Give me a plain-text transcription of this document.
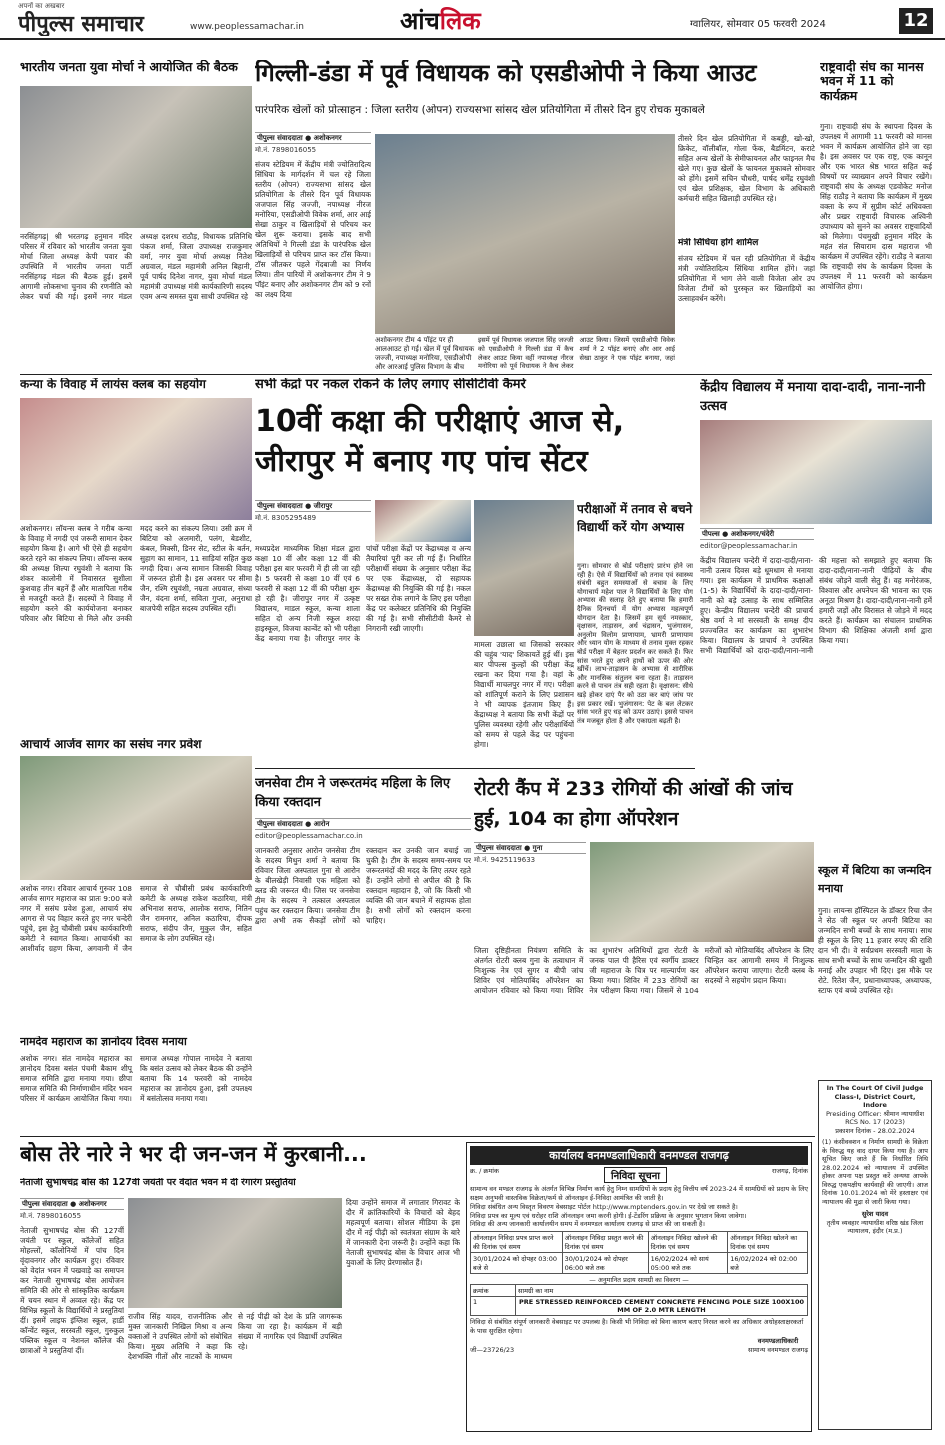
पीपुल्स समाचार
अपनों का अखबार
www.peoplessamachar.in	आंचलिक	ग्वालियर, सोमवार 05 फरवरी 2024	12
भारतीय जनता युवा मोर्चा ने आयोजित की बैठक
नरसिंहगढ़| श्री भरतगढ़ हनुमान मंदिर परिसर में रविवार को भारतीय जनता युवा मोर्चा जिला अध्यक्ष केपी पवार की उपस्थिति में भारतीय जनता पार्टी नरसिंहगढ़ मंडल की बैठक हुई। इसमें आगामी लोकसभा चुनाव की रणनीति को लेकर चर्चा की गई। इसमें नगर मंडल अध्यक्ष दशरथ राठौड़, विधायक प्रतिनिधि पंकज शर्मा, जिला उपाध्यक्ष राजकुमार वर्मा, नगर युवा मोर्चा अध्यक्ष नितेश अग्रवाल, मंडल महामंत्री अनिल बिहानी, पूर्व पार्षद दिनेश नागर, युवा मोर्चा मंडल महामंत्री उपाध्यक्ष मंत्री कार्यकारिणी सदस्य एवम अन्य समस्त युवा साथी उपस्थित रहे
गिल्ली-डंडा में पूर्व विधायक को एसडीओपी ने किया आउट
पारंपरिक खेलों को प्रोत्साहन : जिला स्तरीय (ओपन) राज्यसभा सांसद खेल प्रतियोगिता में तीसरे दिन हुए रोचक मुकाबले
पीपुल्स संवाददाता ● अशोकनगर
मो.नं. 7898016055
संजय स्टेडियम में केंद्रीय मंत्री ज्योतिरादित्य सिंधिया के मार्गदर्शन में चल रहे जिला स्तरीय (ओपन) राज्यसभा सांसद खेल प्रतियोगिता के तीसरे दिन पूर्व विधायक जजपाल सिंह जज्जी, नपाध्यक्ष नीरज मनोरिया, एसडीओपी विवेक शर्मा, आर आई सेखा ठाकुर व खिलाड़ियों से परिचय कर खेल शुरू कराया। इसके बाद सभी अतिथियों ने गिल्ली डंडा के पारंपरिक खेल खिलाड़ियों से परिचय प्राप्त कर टॉस किया। टॉस जीतकर पहले गेंदबाजी का निर्णय लिया। तीन पारियों में अशोकनगर टीम ने 9 पॉइंट बनाए और अशोकनगर टीम को 9 रनों का लक्ष्य दिया
अशोकनगर टीम 4 पॉइंट पर ही आलआउट हो गई। खेल में पूर्व विधायक जज्जी, नपाध्यक्ष मनोरिया, एसडीओपी और आरआई पुलिस विभाग के बीच
इसमें पूर्व विधायक जजपाल सिंह जज्जी को एसडीओपी ने गिल्ली डंडा में कैच लेकर आउट किया वहीं नपाध्यक्ष नीरज मनोरिया को पूर्व विधायक ने कैच लेकर आउट किया। जिसमें एसडीओपी विवेक शर्मा ने 2 पॉइंट बनाएं और आर आई सेखा ठाकुर ने एक पॉइंट बनाया, जहां
तीसरे दिन खेल प्रतियोगिता में कबड्डी, खो-खो, क्रिकेट, वॉलीबॉल, गोला फेंक, बैडमिंटन, कराटे सहित अन्य खेलों के सेमीफायनल और फाइनल मैच खेले गए। कुछ खेलों के फायनल मुकाबले सोमवार को होंगे। इसमें सचिन चौधरी, पार्षद धर्मेंद्र रघुवंशी एवं खेल प्रशिक्षक, खेल विभाग के अधिकारी कर्मचारी सहित खिलाड़ी उपस्थित रहे।
मंत्री सिंधिया होंगे शामिल
संजय स्टेडियम में चल रही प्रतियोगिता में केंद्रीय मंत्री ज्योतिरादित्य सिंधिया शामिल होंगे। जहां प्रतियोगिता में भाग लेने वाली विजेता ओर उप विजेता टीमों को पुरस्कृत कर खिलाड़ियों का उत्साहवर्धन करेंगे।
राष्ट्रवादी संघ का मानस भवन में 11 को कार्यक्रम
गुना। राष्ट्रवादी संघ के स्थापना दिवस के उपलक्ष्य में आगामी 11 फरवरी को मानस भवन में कार्यक्रम आयोजित होने जा रहा है। इस अवसर पर एक राष्ट्र, एक कानून और एक भारत श्रेष्ठ भारत सहित कई विषयों पर व्याख्यान अपने विचार रखेंगे। राष्ट्रवादी संघ के अध्यक्ष एडवोकेट मनोज सिंह राठौड़ ने बताया कि कार्यक्रम में मुख्य वक्ता के रूप में सुप्रीम कोर्ट अधिवक्ता और प्रखर राष्ट्रवादी विचारक अश्विनी उपाध्याय को सुनने का अवसर राष्ट्रवादियों को मिलेगा। पंचमुखी हनुमान मंदिर के महंत संत सियाराम दास महाराज भी कार्यक्रम में उपस्थित रहेंगे। राठौड़ ने बताया कि राष्ट्रवादी संघ के कार्यक्रम दिवस के उपलक्ष्य में 11 फरवरी को कार्यक्रम आयोजित होगा।
कन्या के विवाह में लायंस क्लब का सहयोग
अशोकनगर। लॉयन्स क्लब ने गरीब कन्या के विवाह में नगदी एवं जरूरी सामान देकर सहयोग किया है। आगे भी ऐसे ही सहयोग करते रहने का संकल्प लिया। लॉयन्स क्लब की अध्यक्ष शिल्पा रघुवंशी ने बताया कि शंकर कालोनी में निवासरत सुशीला कुशवाह तीन बहनें हैं और मातापिता गरीब से मजदूरी करते हैं। सदस्यों ने विवाह में सहयोग करने की कार्ययोजना बनाकर परिवार और बिटिया से मिले और उनकी मदद करने का संकल्प लिया। उसी क्रम में बिटिया को अलमारी, पलंग, बेडशीट, कंबल, मिक्सी, डिनर सेट, स्टील के बर्तन, सुहाग का सामान, 11 साड़ियां सहित कुछ नगदी दिया। अन्य सामान जिसकी विवाह में जरूरत होती है। इस अवसर पर सीमा जैन, रश्मि रघुवंशी, नम्रता अग्रवाल, संध्या जैन, वंदना शर्मा, सविता गुप्ता, अनुराधा बाजपेयी सहित सदस्य उपस्थित रहीं।
आचार्य आर्जव सागर का ससंघ नगर प्रवेश
अशोक नगर। रविवार आचार्य गुरुवर 108 आर्जव सागर महाराज का प्रातः 9:00 बजे नगर में ससंघ प्रवेश हुआ, आचार्य संघ आगरा से पद विहार करते हुए नगर चन्देरी पहुंचे, इस हेतु चौबीसी प्रबंध कार्यकारिणी कमेटी ने स्वागत किया। आचार्यश्री का आशीर्वाद ग्रहण किया, अगवानी में जैन समाज से चौबीसी प्रबंध कार्यकारिणी कमेटी के अध्यक्ष राकेश कठारिया, मंत्री अभिनाश सराफ, आलोक सराफ, नितिन जैन रामनगर, अनिल कठारिया, दीपक सराफ, संदीप जैन, मुकुल जैन, सहित समाज के लोग उपस्थित रहे।
नामदेव महाराज का ज्ञानोदय दिवस मनाया
अशोक नगर। संत नामदेव महाराज का ज्ञानोदय दिवस बसंत पंचमी बैकाम शीपू समाज समिति द्वारा मनाया गया। छीपा समाज समिति की निर्माणाधीन मंदिर भवन परिसर में कार्यक्रम आयोजित किया गया। समाज अध्यक्ष गोपाल नामदेव ने बताया कि बसंत उत्सव को लेकर बैठक की उन्होंने बताया कि 14 फरवरी को नामदेव महाराज का ज्ञानोदय हुआ, इसी उपलक्ष्य में बसंतोत्सव मनाया गया।
सभी केंद्रों पर नकल रोकने के लिए लगाए सीसीटीवी कैमरे
10वीं कक्षा की परीक्षाएं आज से, जीरापुर में बनाए गए पांच सेंटर
पीपुल्स संवाददाता ● जीरापुर
मो.नं. 8305295489
मध्यप्रदेश माध्यमिक शिक्षा मंडल द्वारा कक्षा 10 वीं और कक्षा 12 वीं की परीक्षा इस बार फरवरी में ही ली जा रही है। 5 फरवरी से कक्षा 10 वीं एवं 6 फरवरी से कक्षा 12 वीं की परीक्षा शुरू हो रही है। जीरापुर नगर में उत्कृष्ट विद्यालय, माडल स्कूल, कन्या शाला सहित दो अन्य निजी स्कूल शरदा हाइस्कूल, विजया कान्वेंट को भी परीक्षा केंद्र बनाया गया है। जीरापुर नगर के पांचों परीक्षा केंद्रों पर केंद्राध्यक्ष व अन्य तैयारियां पूरी कर ली गई हैं। निर्धारित परीक्षार्थी संख्या के अनुसार परीक्षा केंद्र पर एक केंद्राध्यक्ष, दो सहायक केंद्राध्यक्ष की नियुक्ति की गई है। नकल पर सख्त रोक लगाने के लिए इस परीक्षा केंद्र पर कलेक्टर प्रतिनिधि की नियुक्ति की गई है। सभी सीसीटीवी कैमरे से निगरानी रखी जाएगी।
मामला उछाला था जिसको सरकार की चहुंब 'याद' शिकायतें हुई थीं। इस बार पीपल्स कुल्हों की परीक्षा केंद्र रखना कर दिया गया है। वहां के विद्यार्थी माचलपुर नगर में गए। परीक्षा को शांतिपूर्ण कराने के लिए प्रशासन ने भी व्यापक इंतजाम किए हैं। केंद्राध्यक्ष ने बताया कि सभी केंद्रों पर पुलिस व्यवस्था रहेगी और परीक्षार्थियों को समय से पहले केंद्र पर पहुंचना होगा।
परीक्षाओं में तनाव से बचने विद्यार्थी करें योग अभ्यास
गुना। सोमवार से बोर्ड परीक्षाएं प्रारंभ होने जा रही है। ऐसे में विद्यार्थियों को तनाव एवं स्वास्थ्य संबंधी बहुत समस्याओं से बचाव के लिए योगाचार्य महेश पाल ने विद्यार्थियों के लिए योग अभ्यास की सलाह देते हुए बताया कि हमारी दैनिक दिनचर्या में योग अभ्यास महत्वपूर्ण योगदान देता है। जिसमें हम सूर्य नमस्कार, वृक्षासन, ताड़ासन, अर्ध चंद्रासन, भुजंगासन, अनुलोम विलोम प्राणायाम, भ्रामरी प्राणायाम और ध्यान योग के माध्यम से तनाव मुक्त रहकर बोर्ड परीक्षा में बेहतर प्रदर्शन कर सकते हैं। फिर सांस भरते हुए अपने हाथों को ऊपर की ओर खींचें। लाभ-ताड़ासन के अभ्यास से शारीरिक और मानसिक संतुलन बना रहता है। ताड़ासन करने से पाचन तंत्र सही रहता है। वृक्षासन: सीधे खड़े होकर दाएं पैर को उठा कर बाएं जांघ पर इस प्रकार रखें। भुजंगासन: पेट के बल लेटकर सांस भरते हुए धड़ को ऊपर उठाएं। इससे पाचन तंत्र मजबूत होता है और एकाग्रता बढ़ती है।
केंद्रीय विद्यालय में मनाया दादा-दादी, नाना-नानी उत्सव
पीपल्स ● अशोकनगर/चंदेरी
editor@peoplessamachar.in
केंद्रीय विद्यालय चन्देरी में दादा-दादी/नाना-नानी उत्सव दिवस बड़े धूमधाम से मनाया गया। इस कार्यक्रम में प्राथमिक कक्षाओं (1-5) के विद्यार्थियों के दादा-दादी/नाना-नानी को बड़े उत्साह के साथ सम्मिलित हुए। केन्द्रीय विद्यालय चन्देरी की प्राचार्य श्रेष्ठ वर्मा ने मां सरस्वती के समक्ष दीप प्रज्ज्वलित कर कार्यक्रम का शुभारंभ किया। विद्यालय के प्राचार्य ने उपस्थित सभी विद्यार्थियों को दादा-दादी/नाना-नानी की महत्ता को समझाते हुए बताया कि दादा-दादी/नाना-नानी पीढ़ियों के बीच संबंध जोड़ने वाली सेतु हैं। वह मनोरंजक, विश्वास और अपनेपन की भावना का एक अनूठा मिश्रण है। दादा-दादी/नाना-नानी हमें हमारी जड़ों और विरासत से जोड़ने में मदद करते हैं। कार्यक्रम का संचालन प्राथमिक विभाग की शिक्षिका अंजली शर्मा द्वारा किया गया।
जनसेवा टीम ने जरूरतमंद महिला के लिए किया रक्तदान
पीपुल्स संवाददाता ● आरोन
editor@peoplessamachar.co.in
जानकारी अनुसार आरोन जनसेवा टीम के सदस्य मिथुन शर्मा ने बताया कि रविवार जिला अस्पताल गुना से आरोन के बीलखेड़ी निवासी एक महिला को ब्लड की जरूरत थी। जिस पर जनसेवा टीम के सदस्य ने तत्काल अस्पताल पहुंच कर रक्तदान किया। जनसेवा टीम द्वारा अभी तक सैकड़ों लोगों को रक्तदान कर उनकी जान बचाई जा चुकी है। टीम के सदस्य समय-समय पर जरूरतमंदों की मदद के लिए तत्पर रहते हैं। उन्होंने लोगों से अपील की है कि रक्तदान महादान है, जो कि किसी भी व्यक्ति की जान बचाने में सहायक होता है। सभी लोगों को रक्तदान करना चाहिए।
रोटरी कैंप में 233 रोगियों की आंखों की जांच हुई, 104 का होगा ऑपरेशन
पीपुल्स संवाददाता ● गुना
मो.नं. 9425119633
जिला दृष्टिहीनता नियंत्रण समिति के अंतर्गत रोटरी क्लब गुना के तत्वाधान में निःशुल्क नेत्र एवं सुगर व बीपी जांच शिविर एवं मोतियाबिंद ऑपरेशन का आयोजन रविवार को किया गया। शिविर का शुभारंभ अतिथियों द्वारा रोटरी के जनक पाल पी हैरिस एवं स्वर्गीय डाक्टर जी महाराज के चित्र पर माल्यार्पण कर किया गया। शिविर में 233 रोगियों का नेत्र परीक्षण किया गया। जिसमें से 104 मरीजों को मोतियाबिंद ऑपरेशन के लिए चिन्हित कर आगामी समय में निःशुल्क ऑपरेशन कराया जाएगा। रोटरी क्लब के सदस्यों ने सहयोग प्रदान किया।
स्कूल में बिटिया का जन्मदिन मनाया
गुना। लायन्स हॉस्पिटल के डॉक्टर रिचा जैन ने सेठ जी स्कूल पर अपनी बिटिया का जन्मदिन सभी बच्चों के साथ मनाया। साथ ही स्कूल के लिए 11 हजार रुपए की राशि दान भी दी। वे सर्वप्रथम सरस्वती माता के साथ सभी बच्चों के साथ जन्मदिन की खुशी मनाई और उपहार भी दिए। इस मौके पर रोटे. रितेश जैन, प्रधानाध्यापक, अध्यापक, स्टाफ एवं बच्चे उपस्थित रहे।
In The Court Of Civil Judge Class-I, District Court, Indore
Presiding Officer: श्रीमान न्यायाधीश
RCS No. 17 (2023)
प्रकाशन दिनांक - 28.02.2024
(1) कंसीवक्शन व निर्माण सामग्री के विक्रेता के विरुद्ध यह वाद दायर किया गया है। आप सूचित किए जाते हैं कि निर्धारित तिथि 28.02.2024 को न्यायालय में उपस्थित होकर अपना पक्ष प्रस्तुत करें अन्यथा आपके विरुद्ध एकपक्षीय कार्यवाही की जाएगी। आज दिनांक 10.01.2024 को मेरे हस्ताक्षर एवं न्यायालय की मुद्रा से जारी किया गया।
सुरेश यादव
तृतीय व्यवहार न्यायाधीश वरिष्ठ खंड जिला न्यायालय, इंदौर (म.प्र.)
बोस तेरे नारे ने भर दी जन-जन में कुरबानी...
नेताजी सुभाषचंद्र बोस की 127वीं जयंती पर वेदांत भवन में दीं रंगारंग प्रस्तुतियां
पीपुल्स संवाददाता ● अशोकनगर
मो.नं. 7898016055
नेताजी सुभाषचंद्र बोस की 127वीं जयंती पर स्कूल, कॉलेजों सहित मोहल्लों, कॉलोनियों में पांच दिन वृंदावनगर और कार्यक्रम हुए। रविवार को वेदांत भवन में पखवाड़े का समापन कर नेताजी सुभाषचंद्र बोस आयोजन समिति की ओर से सांस्कृतिक कार्यक्रम में चयन स्थान में अव्वल रहे। केंद्र पर विभिन्न स्कूलों के विद्यार्थियों ने प्रस्तुतियां दीं। इसमें लाइफ इंग्लिश स्कूल, हार्डी कॉन्वेंट स्कूल, सरस्वती स्कूल, गुरुकुल पब्लिक स्कूल व नेशनल कॉलेज की छात्राओं ने प्रस्तुतियां दीं।
राजीव सिंह यादव, राजनीतिक और मुक्त जानकारी निखिल मिश्रा व अन्य वक्ताओं ने उपस्थित लोगों को संबोधित किया। मुख्य अतिथि ने कहा कि देशभक्ति गीतों और नाटकों के माध्यम से नई पीढ़ी को देश के प्रति जागरूक किया जा रहा है। कार्यक्रम में बड़ी संख्या में नागरिक एवं विद्यार्थी उपस्थित रहे।
दिया उन्होंने समाज में लगातार गिरावट के दौर में क्रांतिकारियों के विचारों को बेहद महत्वपूर्ण बताया। सोशल मीडिया के इस दौर में नई पीढ़ी को स्वतंत्रता संग्राम के बारे में जानकारी देना जरूरी है। उन्होंने कहा कि नेताजी सुभाषचंद्र बोस के विचार आज भी युवाओं के लिए प्रेरणास्रोत हैं।
कार्यालय वनमण्डलाधिकारी वनमण्डल राजगढ़
क्र. / क्रमांक	निविदा सूचना	राजगढ़, दिनांक
सामान्य वन मण्डल राजगढ़ के अंतर्गत विभिन्न निर्माण कार्य हेतु निम्न सामग्रियों के प्रदाय हेतु वित्तीय वर्ष 2023-24 में सामग्रियों को प्रदाय के लिए सक्षम अनुभवी वास्तविक विक्रेता/फर्म से ऑनलाइन ई-निविदा आमंत्रित की जाती है।
निविदा संबंधित अन्य विस्तृत विवरण वेबसाइट पोर्टल http://www.mptenders.gov.in पर देखे जा सकते है।
निविदा प्रपत्र का मूल्य एवं धरोहर राशि ऑनलाइन जमा करनी होगी। ई-टेंडरिंग प्रक्रिया के अनुसार भुगतान किया जावेगा।
निविदा की अन्य जानकारी कार्यालयीन समय में वनमण्डल कार्यालय राजगढ़ से प्राप्त की जा सकती है।
ऑनलाइन निविदा प्रपत्र प्राप्त करने की दिनांक एवं समय	ऑनलाइन निविदा प्रस्तुत करने की दिनांक एवं समय	ऑनलाइन निविदा खोलने की दिनांक एवं समय	ऑनलाइन निविदा खोलने का दिनांक एवं समय
30/01/2024 को दोपहर 03:00 बजे से	30/01/2024 को दोपहर 06:00 बजे तक	16/02/2024 को सायं 05:00 बजे तक	16/02/2024 को 02:00 बजे
— अनुमानित प्रदाय सामग्री का विवरण —
क्रमांक	सामग्री का नाम
1	PRE STRESSED REINFORCED CEMENT CONCRETE FENCING POLE SIZE 100X100 MM OF 2.0 MTR LENGTH
निविदा से संबंधित संपूर्ण जानकारी वेबसाइट पर उपलब्ध है। किसी भी निविदा को बिना कारण बताए निरस्त करने का अधिकार अधोहस्ताक्षरकर्ता के पास सुरक्षित रहेगा।
जी—23726/23
वनमण्डलाधिकारी
सामान्य वनमण्डल राजगढ़
